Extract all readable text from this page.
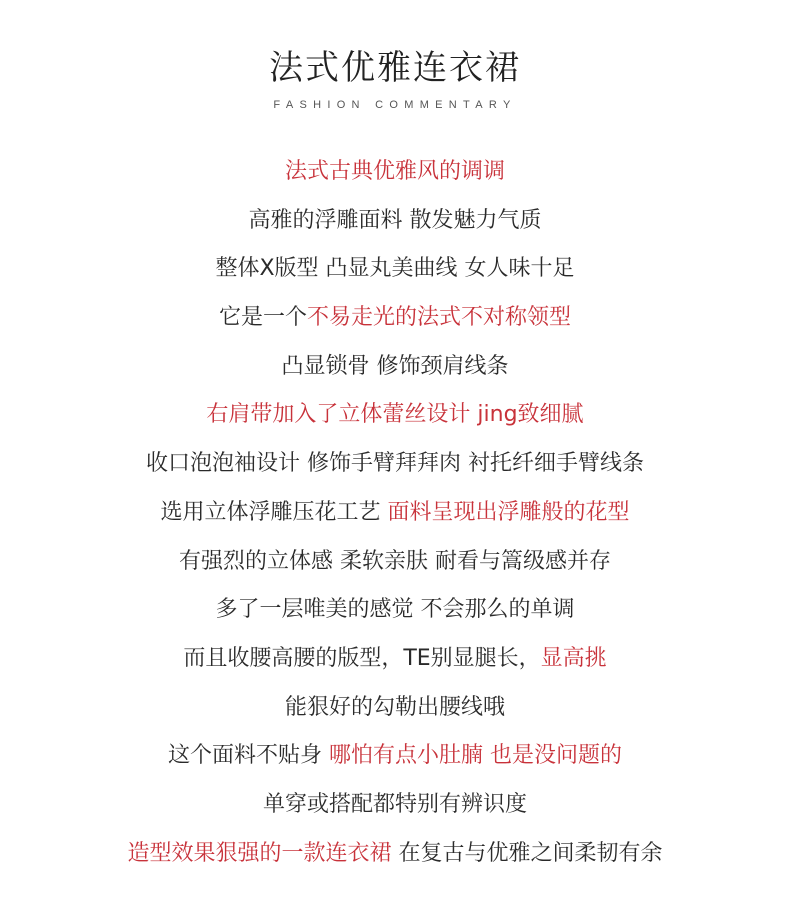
法式优雅连衣裙
FASHION COMMENTARY
法式古典优雅风的调调
高雅的浮雕面料 散发魅力气质
整体X版型 凸显丸美曲线 女人味十足
它是一个不易走光的法式不对称领型
凸显锁骨 修饰颈肩线条
右肩带加入了立体蕾丝设计 jing致细腻
收口泡泡袖设计 修饰手臂拜拜肉 衬托纤细手臂线条
选用立体浮雕压花工艺 面料呈现出浮雕般的花型
有强烈的立体感 柔软亲肤 耐看与篙级感并存
多了一层唯美的感觉 不会那么的单调
而且收腰高腰的版型，TE别显腿长，显高挑
能狠好的勾勒出腰线哦
这个面料不贴身 哪怕有点小肚腩 也是没问题的
单穿或搭配都特别有辨识度
造型效果狠强的一款连衣裙 在复古与优雅之间柔韧有余
